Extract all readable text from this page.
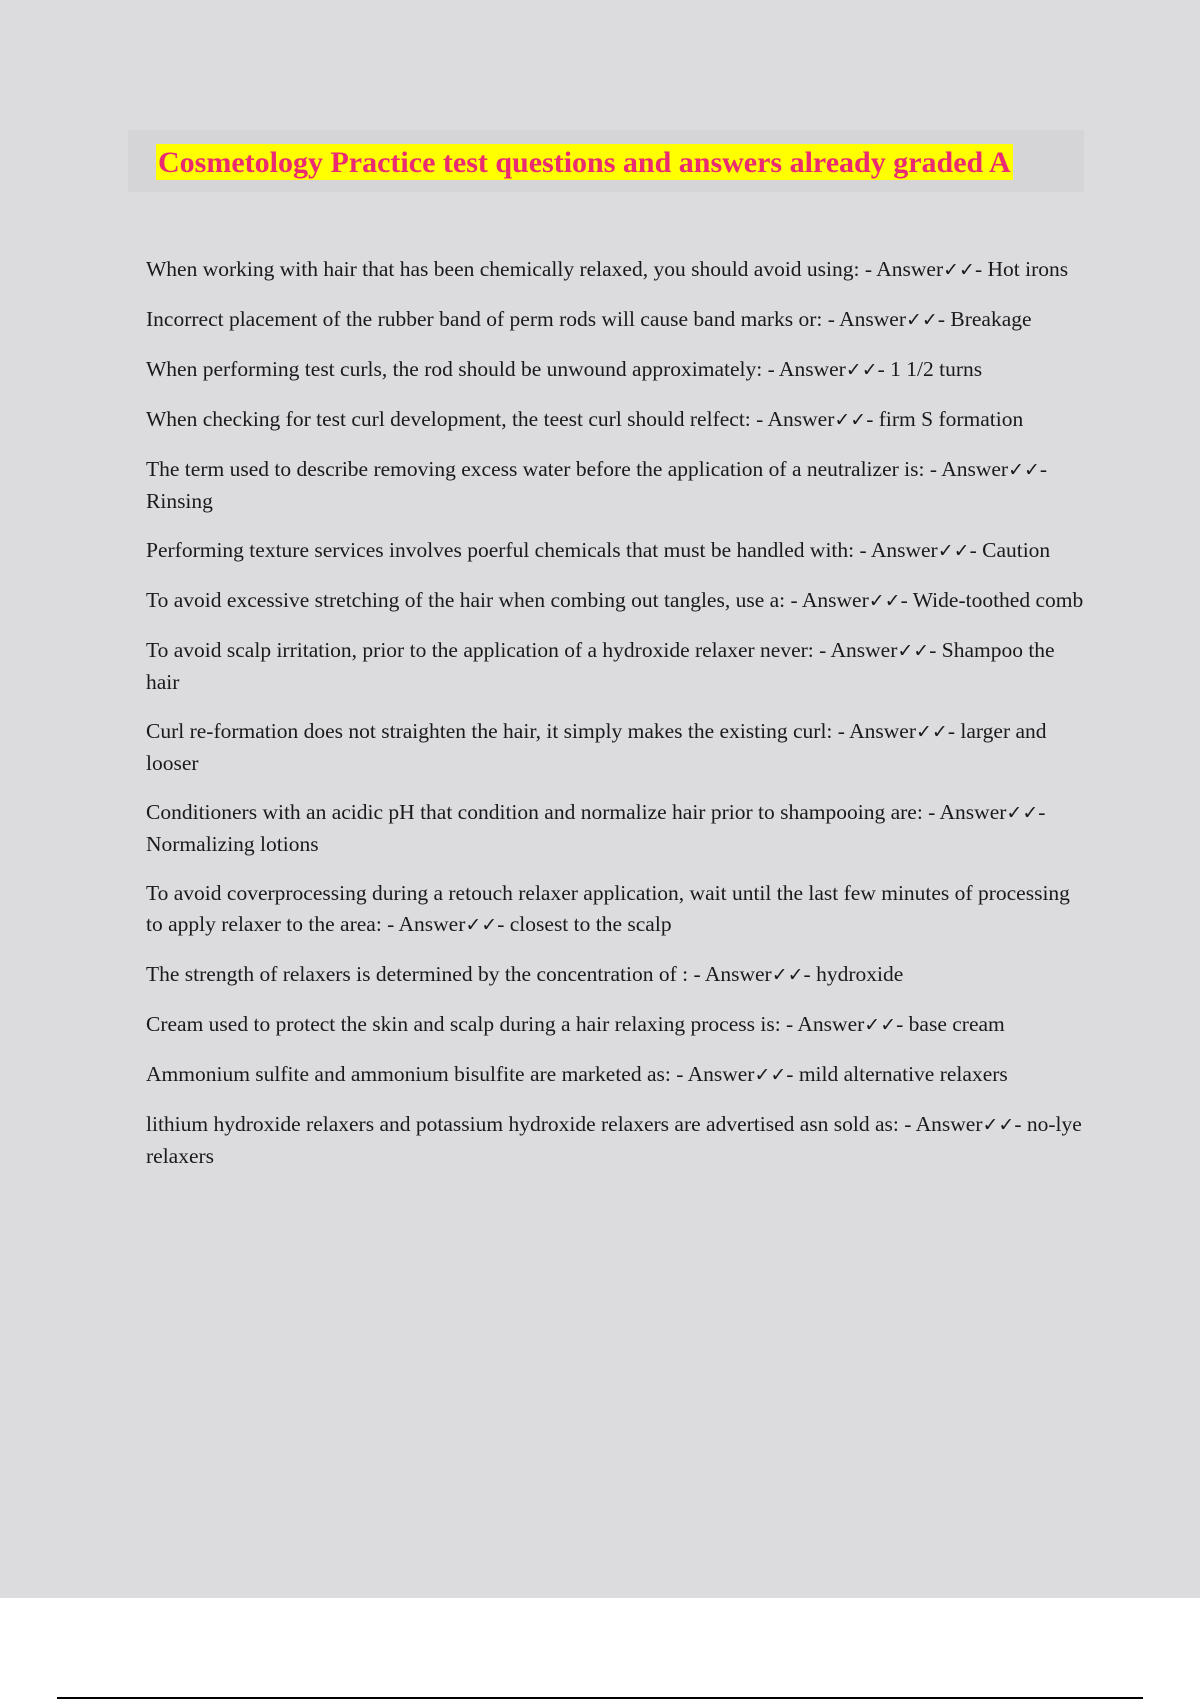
Cosmetology Practice test questions and answers already graded A
When working with hair that has been chemically relaxed, you should avoid using: - Answer✓✓- Hot irons
Incorrect placement of the rubber band of perm rods will cause band marks or: - Answer✓✓- Breakage
When performing test curls, the rod should be unwound approximately: - Answer✓✓- 1 1/2 turns
When checking for test curl development, the teest curl should relfect: - Answer✓✓- firm S formation
The term used to describe removing excess water before the application of a neutralizer is: - Answer✓✓- Rinsing
Performing texture services involves poerful chemicals that must be handled with: - Answer✓✓- Caution
To avoid excessive stretching of the hair when combing out tangles, use a: - Answer✓✓- Wide-toothed comb
To avoid scalp irritation, prior to the application of a hydroxide relaxer never: - Answer✓✓- Shampoo the hair
Curl re-formation does not straighten the hair, it simply makes the existing curl: - Answer✓✓- larger and looser
Conditioners with an acidic pH that condition and normalize hair prior to shampooing are: - Answer✓✓- Normalizing lotions
To avoid coverprocessing during a retouch relaxer application, wait until the last few minutes of processing to apply relaxer to the area: - Answer✓✓- closest to the scalp
The strength of relaxers is determined by the concentration of : - Answer✓✓- hydroxide
Cream used to protect the skin and scalp during a hair relaxing process is: - Answer✓✓- base cream
Ammonium sulfite and ammonium bisulfite are marketed as: - Answer✓✓- mild alternative relaxers
lithium hydroxide relaxers and potassium hydroxide relaxers are advertised asn sold as: - Answer✓✓- no-lye relaxers
